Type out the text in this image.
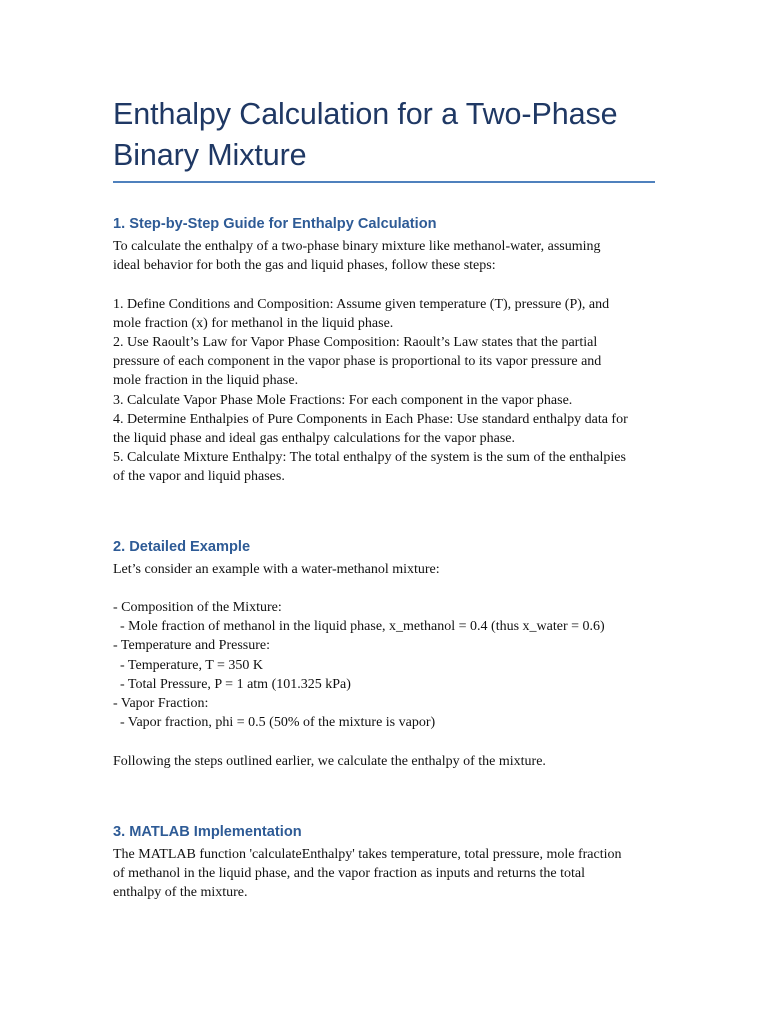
Enthalpy Calculation for a Two-Phase
Binary Mixture
1. Step-by-Step Guide for Enthalpy Calculation
To calculate the enthalpy of a two-phase binary mixture like methanol-water, assuming
ideal behavior for both the gas and liquid phases, follow these steps:
1. Define Conditions and Composition: Assume given temperature (T), pressure (P), and
mole fraction (x) for methanol in the liquid phase.
2. Use Raoult’s Law for Vapor Phase Composition: Raoult’s Law states that the partial
pressure of each component in the vapor phase is proportional to its vapor pressure and
mole fraction in the liquid phase.
3. Calculate Vapor Phase Mole Fractions: For each component in the vapor phase.
4. Determine Enthalpies of Pure Components in Each Phase: Use standard enthalpy data for
the liquid phase and ideal gas enthalpy calculations for the vapor phase.
5. Calculate Mixture Enthalpy: The total enthalpy of the system is the sum of the enthalpies
of the vapor and liquid phases.
2. Detailed Example
Let’s consider an example with a water-methanol mixture:
- Composition of the Mixture:
- Mole fraction of methanol in the liquid phase, x_methanol = 0.4 (thus x_water = 0.6)
- Temperature and Pressure:
- Temperature, T = 350 K
- Total Pressure, P = 1 atm (101.325 kPa)
- Vapor Fraction:
- Vapor fraction, phi = 0.5 (50% of the mixture is vapor)
Following the steps outlined earlier, we calculate the enthalpy of the mixture.
3. MATLAB Implementation
The MATLAB function 'calculateEnthalpy' takes temperature, total pressure, mole fraction
of methanol in the liquid phase, and the vapor fraction as inputs and returns the total
enthalpy of the mixture.
